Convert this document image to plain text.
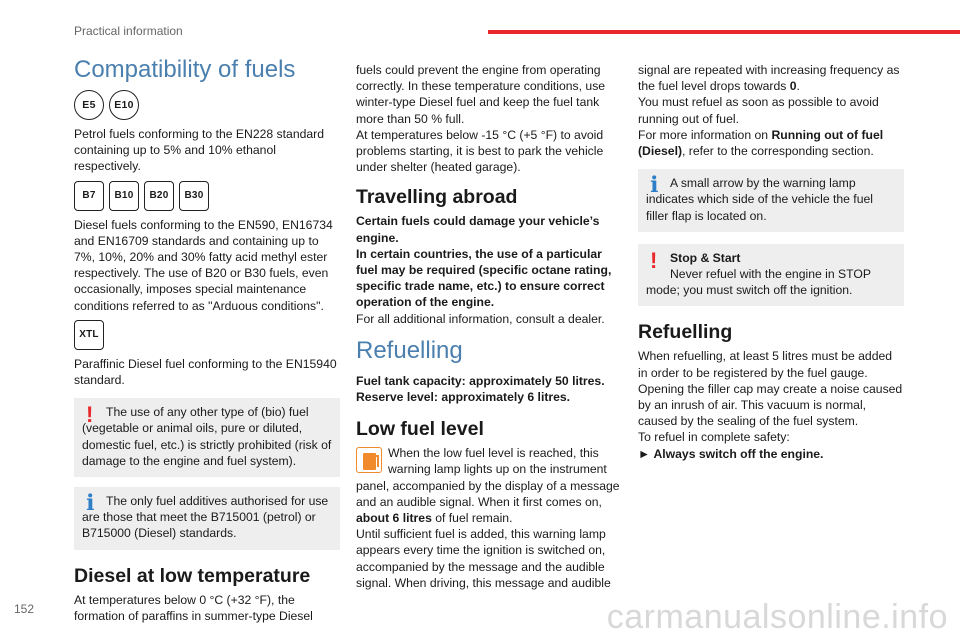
Practical information
Compatibility of fuels
E5	E10

Petrol fuels conforming to the EN228 standard containing up to 5% and 10% ethanol respectively.

B7	B10	B20	B30

Diesel fuels conforming to the EN590, EN16734 and EN16709 standards and containing up to 7%, 10%, 20% and 30% fatty acid methyl ester respectively. The use of B20 or B30 fuels, even occasionally, imposes special maintenance conditions referred to as "Arduous conditions".

XTL

Paraffinic Diesel fuel conforming to the EN15940 standard.

!	The use of any other type of (bio) fuel (vegetable or animal oils, pure or diluted, domestic fuel, etc.) is strictly prohibited (risk of damage to the engine and fuel system).

ℹ The only fuel additives authorised for use are those that meet the B715001 (petrol) or B715000 (Diesel) standards.

Diesel at low temperature

At temperatures below 0 °C (+32 °F), the formation of paraffins in summer-type Diesel

fuels could prevent the engine from operating correctly. In these temperature conditions, use winter-type Diesel fuel and keep the fuel tank more than 50 % full.

At temperatures below -15 °C (+5 °F) to avoid problems starting, it is best to park the vehicle under shelter (heated garage).

Travelling abroad

Certain fuels could damage your vehicle’s engine.

In certain countries, the use of a particular fuel may be required (specific octane rating, specific trade name, etc.) to ensure correct operation of the engine.

For all additional information, consult a dealer.

Refuelling

Fuel tank capacity: approximately 50 litres.

Reserve level: approximately 6 litres.

Low fuel level

When the low fuel level is reached, this warning lamp lights up on the instrument panel, accompanied by the display of a message and an audible signal. When it first comes on, about 6 litres of fuel remain.

Until sufficient fuel is added, this warning lamp appears every time the ignition is switched on, accompanied by the message and the audible signal. When driving, this message and audible

signal are repeated with increasing frequency as the fuel level drops towards 0.

You must refuel as soon as possible to avoid running out of fuel.

For more information on Running out of fuel (Diesel), refer to the corresponding section.

ℹ A small arrow by the warning lamp indicates which side of the vehicle the fuel filler flap is located on.

!	Stop & Start

Never refuel with the engine in STOP mode; you must switch off the ignition.

Refuelling

When refuelling, at least 5 litres must be added in order to be registered by the fuel gauge.

Opening the filler cap may create a noise caused by an inrush of air. This vacuum is normal, caused by the sealing of the fuel system.

To refuel in complete safety:

► Always switch off the engine.

152	carmanualsonline.info
